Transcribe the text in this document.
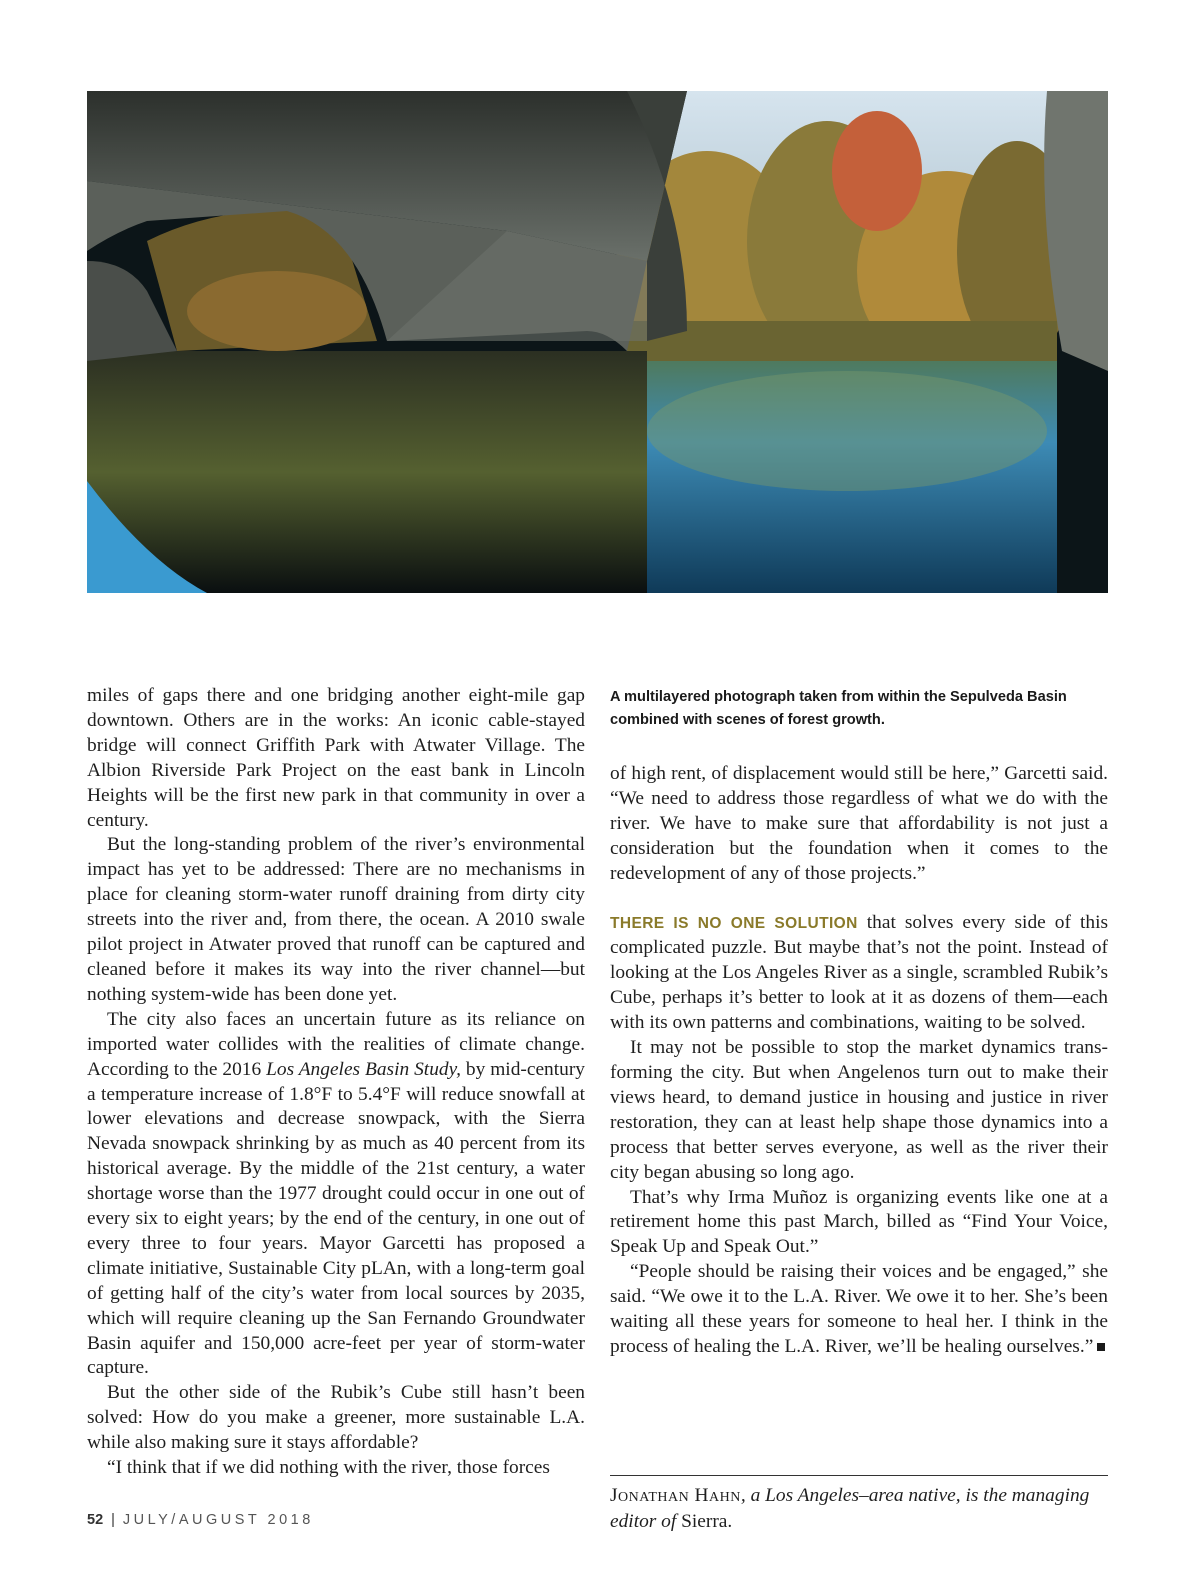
miles of gaps there and one bridging another eight-mile gap downtown. Others are in the works: An iconic cable-stayed bridge will connect Griffith Park with Atwater Village. The Albion Riverside Park Project on the east bank in Lincoln Heights will be the first new park in that community in over a century.

But the long-standing problem of the river’s environmental impact has yet to be addressed: There are no mechanisms in place for cleaning storm-water runoff draining from dirty city streets into the river and, from there, the ocean. A 2010 swale pilot project in Atwater proved that runoff can be captured and cleaned before it makes its way into the river channel—but nothing system-wide has been done yet.

The city also faces an uncertain future as its reliance on imported water collides with the realities of climate change. According to the 2016 Los Angeles Basin Study, by mid-century a temperature increase of 1.8°F to 5.4°F will reduce snowfall at lower elevations and decrease snowpack, with the Sierra Nevada snowpack shrinking by as much as 40 percent from its historical average. By the middle of the 21st century, a water shortage worse than the 1977 drought could occur in one out of every six to eight years; by the end of the century, in one out of every three to four years. Mayor Garcetti has proposed a climate initiative, Sustainable City pLAn, with a long-term goal of getting half of the city’s water from local sources by 2035, which will require cleaning up the San Fernando Groundwater Basin aquifer and 150,000 acre-feet per year of storm-water capture.

But the other side of the Rubik’s Cube still hasn’t been solved: How do you make a greener, more sustainable L.A. while also making sure it stays affordable?

“I think that if we did nothing with the river, those forces

A multilayered photograph taken from within the Sepulveda Basin combined with scenes of forest growth.

of high rent, of displacement would still be here,” Garcetti said. “We need to address those regardless of what we do with the river. We have to make sure that affordability is not just a consideration but the foundation when it comes to the redevelopment of any of those projects.”

THERE IS NO ONE SOLUTION that solves every side of this complicated puzzle. But maybe that’s not the point. Instead of looking at the Los Angeles River as a single, scrambled Rubik’s Cube, perhaps it’s better to look at it as dozens of them—each with its own patterns and combinations, waiting to be solved.

It may not be possible to stop the market dynamics transforming the city. But when Angelenos turn out to make their views heard, to demand justice in housing and justice in river restoration, they can at least help shape those dynamics into a process that better serves everyone, as well as the river their city began abusing so long ago.

That’s why Irma Muñoz is organizing events like one at a retirement home this past March, billed as “Find Your Voice, Speak Up and Speak Out.”

“People should be raising their voices and be engaged,” she said. “We owe it to the L.A. River. We owe it to her. She’s been waiting all these years for someone to heal her. I think in the process of healing the L.A. River, we’ll be healing ourselves.”

Jonathan Hahn, a Los Angeles–area native, is the managing editor of Sierra.
52 | JULY/AUGUST 2018
